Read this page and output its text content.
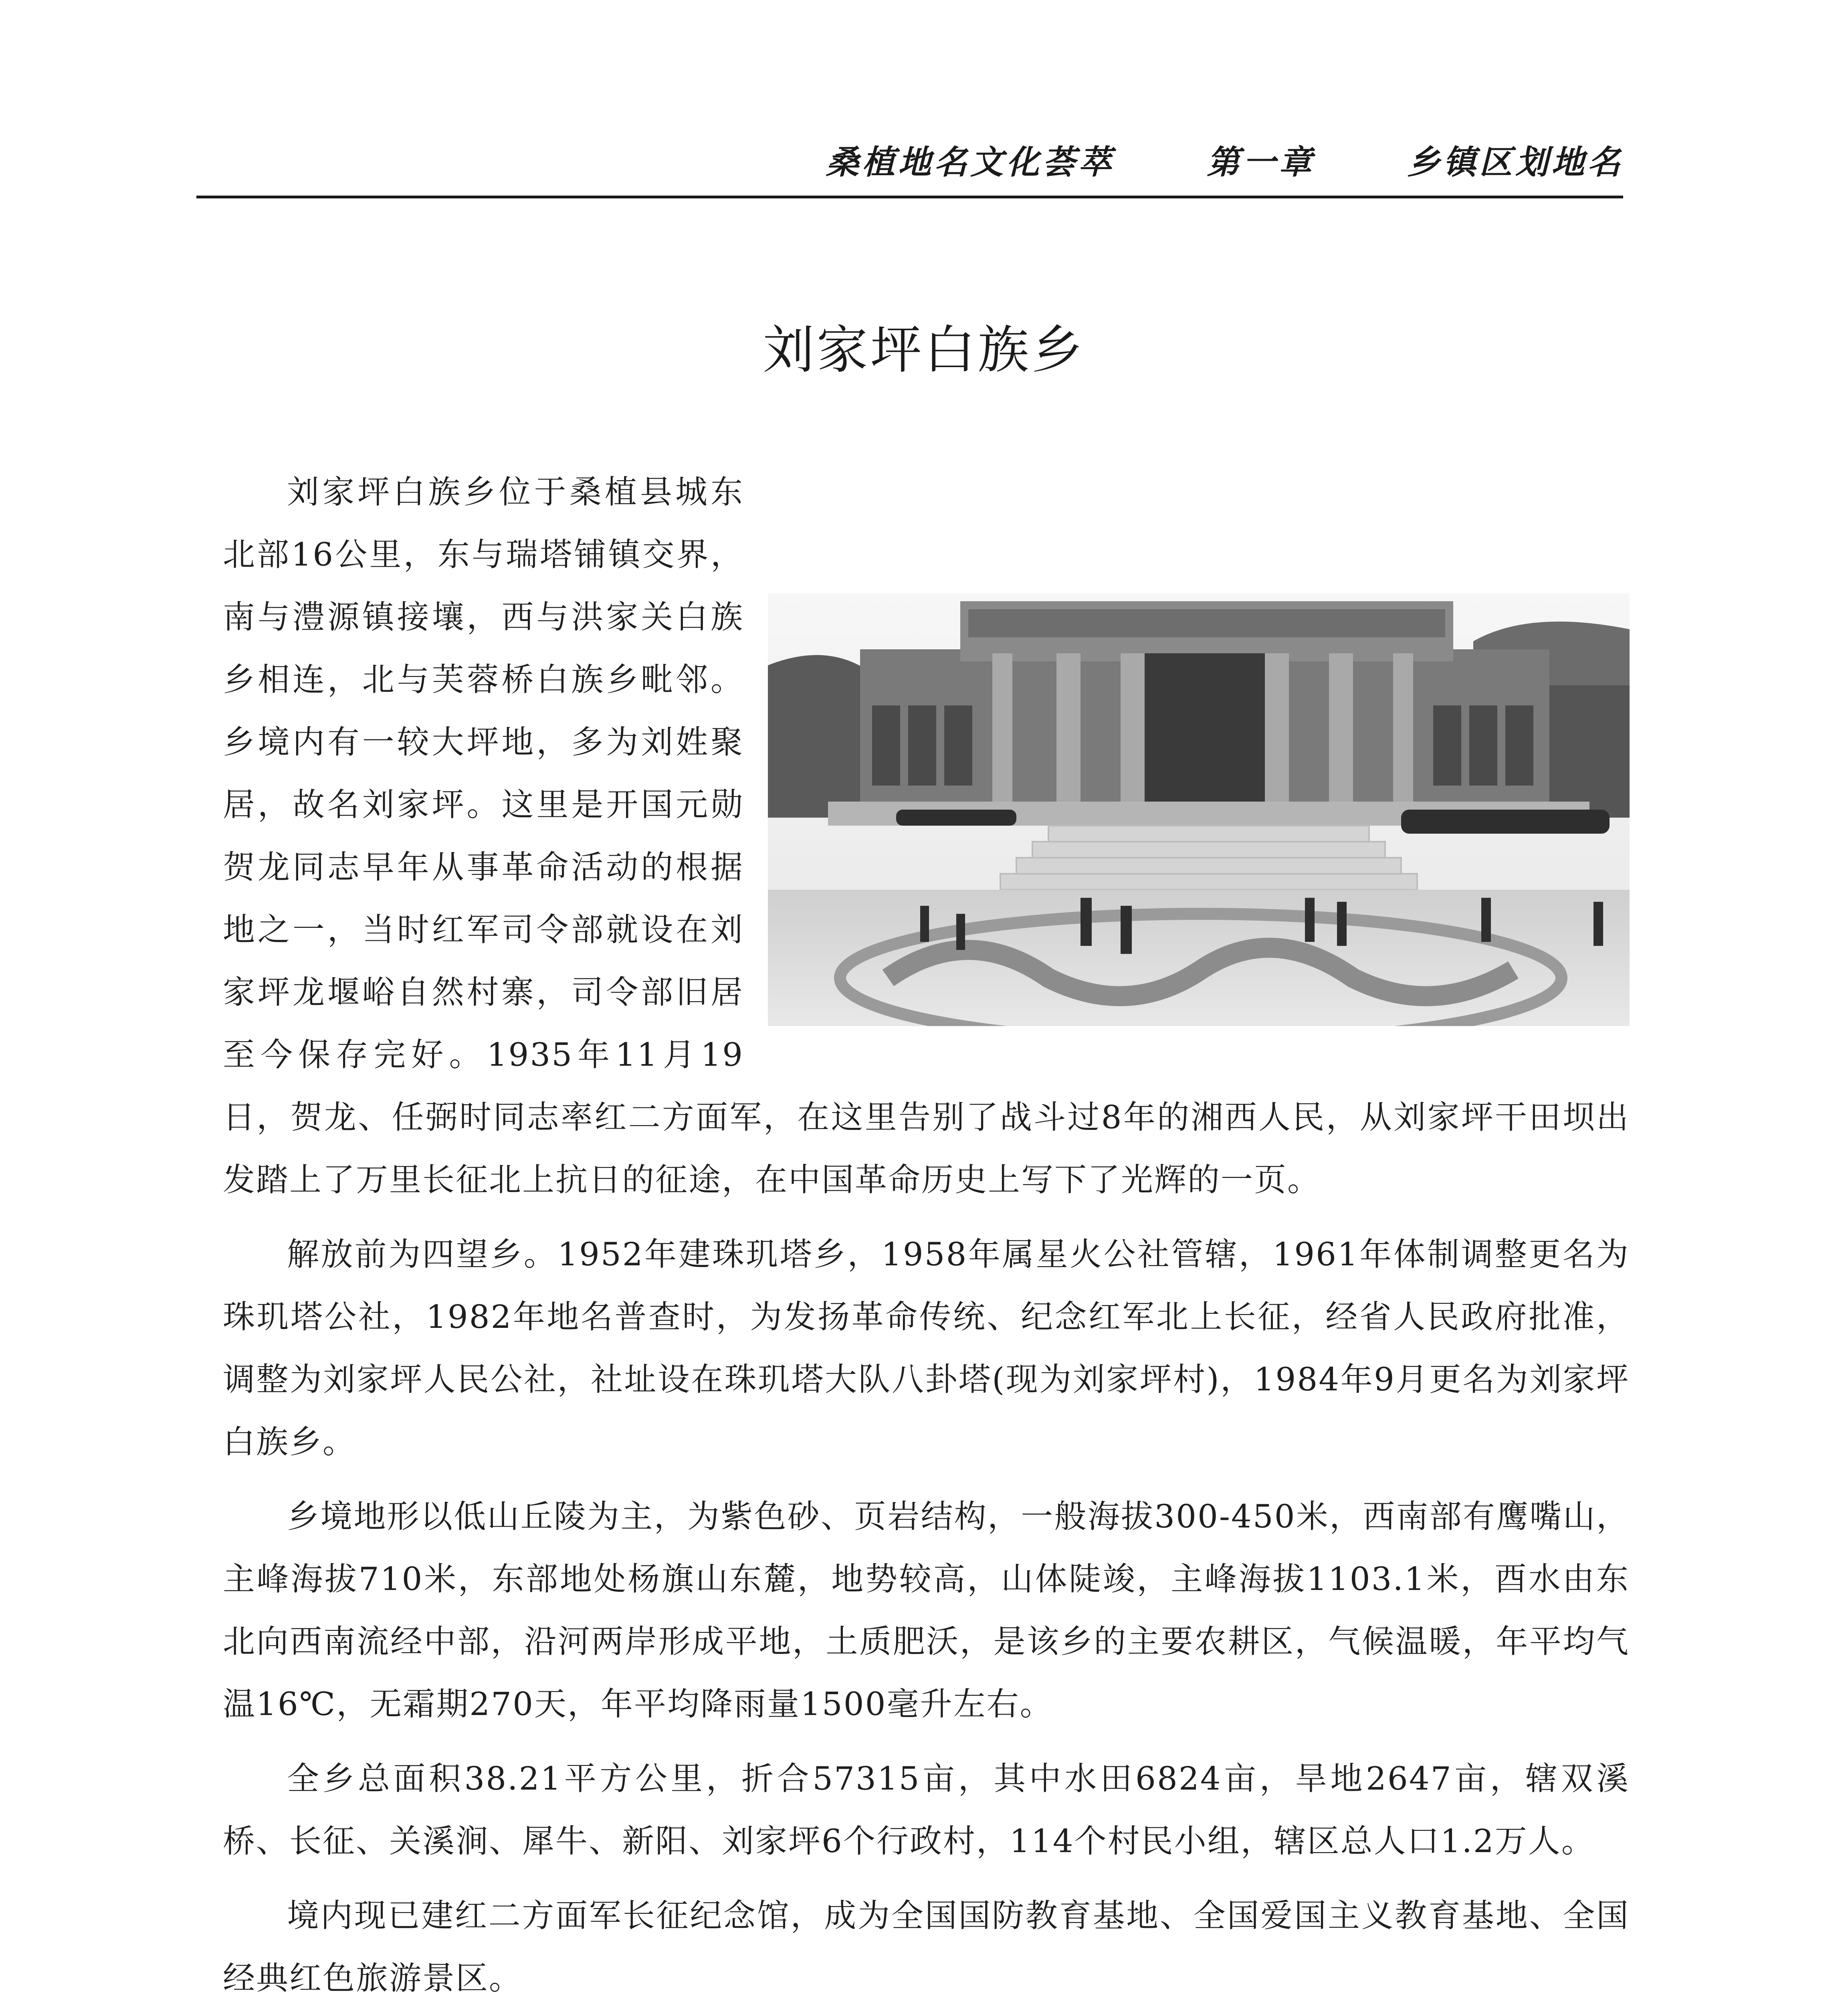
桑植地名文化荟萃	第一章	乡镇区划地名
刘家坪白族乡

刘家坪白族乡位于桑植县城东北部16公里，东与瑞塔铺镇交界，南与澧源镇接壤，西与洪家关白族乡相连，北与芙蓉桥白族乡毗邻。乡境内有一较大坪地，多为刘姓聚居，故名刘家坪。这里是开国元勋贺龙同志早年从事革命活动的根据地之一，当时红军司令部就设在刘家坪龙堰峪自然村寨，司令部旧居至今保存完好。1935年11月19日，贺龙、任弼时同志率红二方面军，在这里告别了战斗过8年的湘西人民，从刘家坪干田坝出发踏上了万里长征北上抗日的征途，在中国革命历史上写下了光辉的一页。

解放前为四望乡。1952年建珠玑塔乡，1958年属星火公社管辖，1961年体制调整更名为珠玑塔公社，1982年地名普查时，为发扬革命传统、纪念红军北上长征，经省人民政府批准，调整为刘家坪人民公社，社址设在珠玑塔大队八卦塔(现为刘家坪村)，1984年9月更名为刘家坪白族乡。

乡境地形以低山丘陵为主，为紫色砂、页岩结构，一般海拔300-450米，西南部有鹰嘴山，主峰海拔710米，东部地处杨旗山东麓，地势较高，山体陡竣，主峰海拔1103.1米，酉水由东北向西南流经中部，沿河两岸形成平地，土质肥沃，是该乡的主要农耕区，气候温暖，年平均气温16℃，无霜期270天，年平均降雨量1500毫升左右。

全乡总面积38.21平方公里，折合57315亩，其中水田6824亩，旱地2647亩，辖双溪桥、长征、关溪涧、犀牛、新阳、刘家坪6个行政村，114个村民小组，辖区总人口1.2万人。

境内现已建红二方面军长征纪念馆，成为全国国防教育基地、全国爱国主义教育基地、全国经典红色旅游景区。
